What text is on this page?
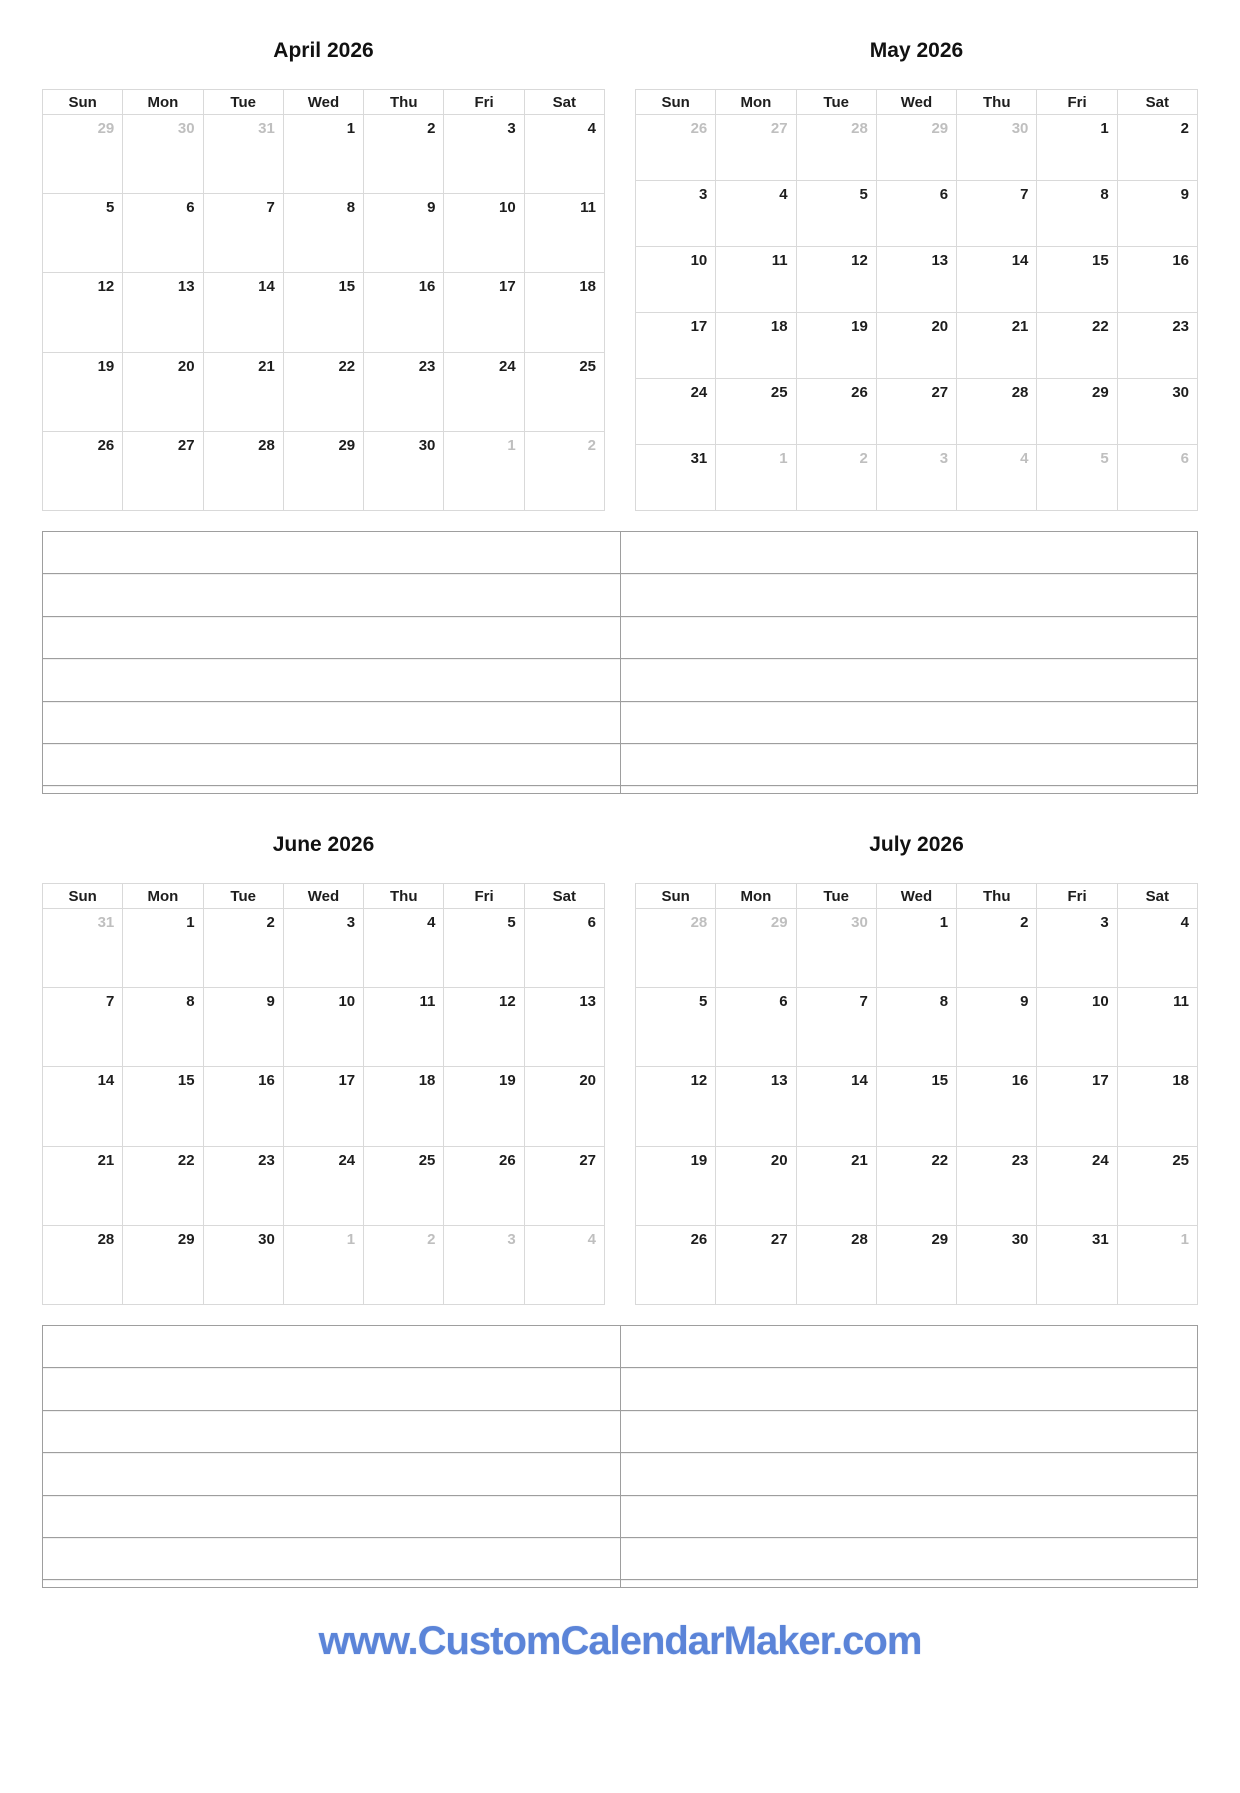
April 2026
Sun	Mon	Tue	Wed	Thu	Fri	Sat
29	30	31	1	2	3	4
5	6	7	8	9	10	11
12	13	14	15	16	17	18
19	20	21	22	23	24	25
26	27	28	29	30	1	2
May 2026
Sun	Mon	Tue	Wed	Thu	Fri	Sat
26	27	28	29	30	1	2
3	4	5	6	7	8	9
10	11	12	13	14	15	16
17	18	19	20	21	22	23
24	25	26	27	28	29	30
31	1	2	3	4	5	6
June 2026
Sun	Mon	Tue	Wed	Thu	Fri	Sat
31	1	2	3	4	5	6
7	8	9	10	11	12	13
14	15	16	17	18	19	20
21	22	23	24	25	26	27
28	29	30	1	2	3	4
July 2026
Sun	Mon	Tue	Wed	Thu	Fri	Sat
28	29	30	1	2	3	4
5	6	7	8	9	10	11
12	13	14	15	16	17	18
19	20	21	22	23	24	25
26	27	28	29	30	31	1
www.CustomCalendarMaker.com
